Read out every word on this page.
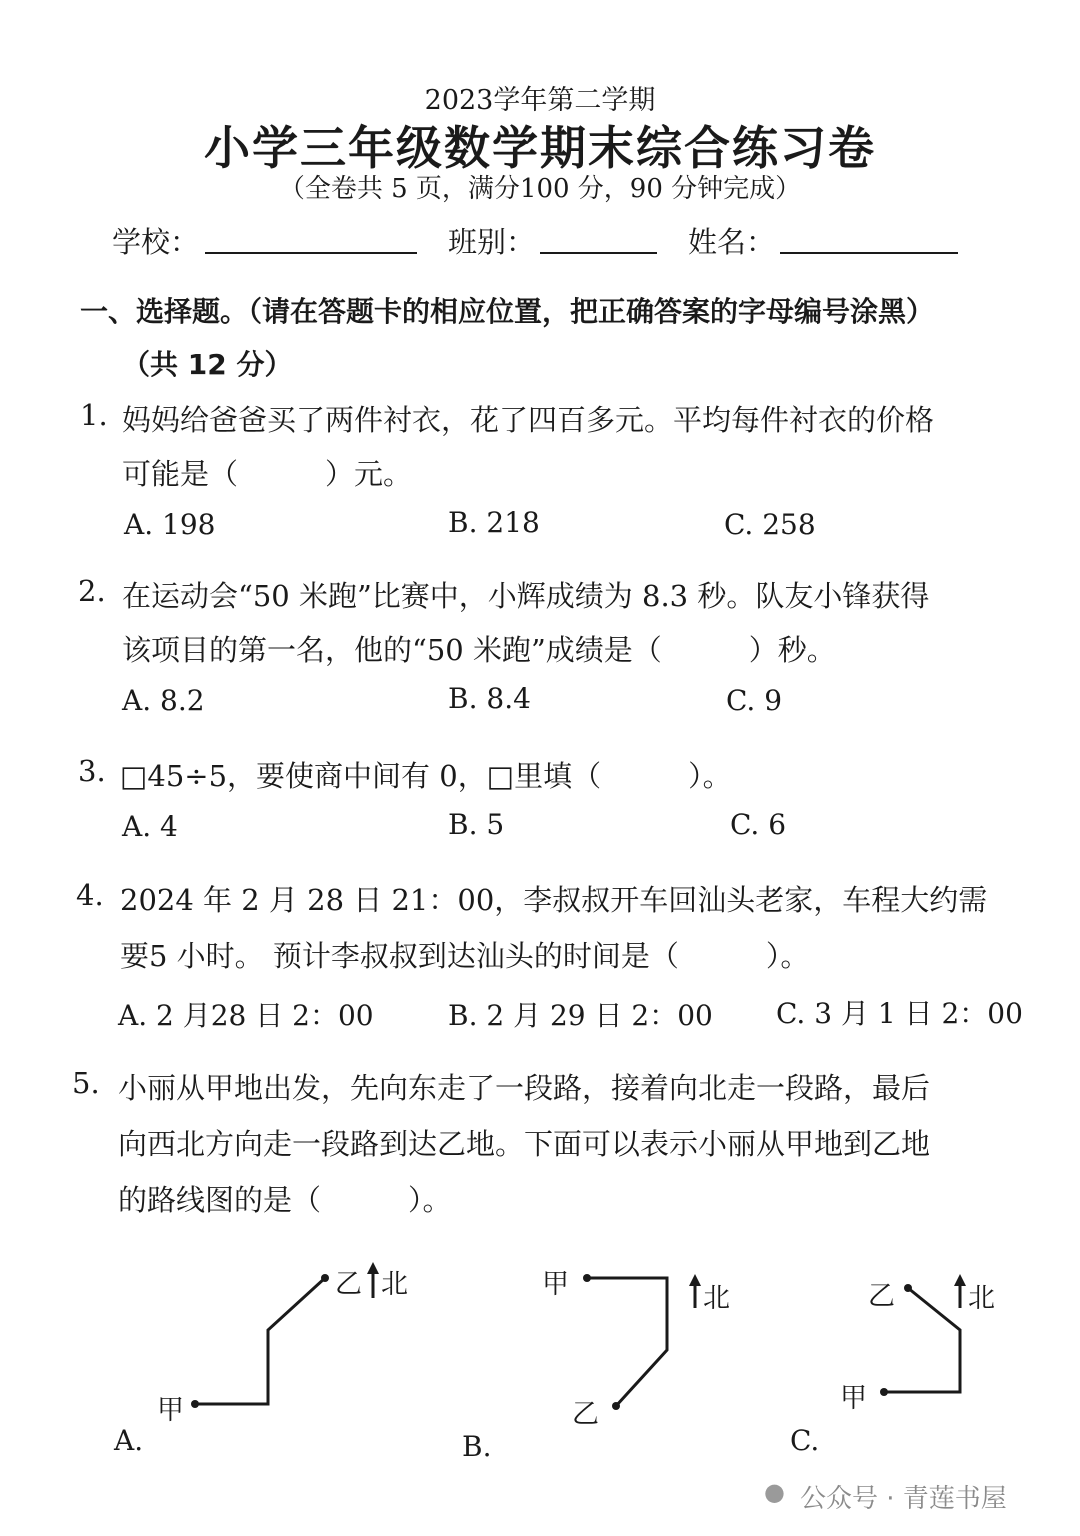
2023学年第二学期
小学三年级数学期末综合练习卷
（全卷共 5 页，满分100 分，90 分钟完成）
学校：	班别：	姓名：
一、选择题。（请在答题卡的相应位置，把正确答案的字母编号涂黑）
（共 12 分）
1. 妈妈给爸爸买了两件衬衣，花了四百多元。平均每件衬衣的价格
可能是（　　　）元。
A. 198	B. 218	C. 258
2. 在运动会“50 米跑”比赛中，小辉成绩为 8.3 秒。队友小锋获得
该项目的第一名，他的“50 米跑”成绩是（　　　）秒。
A. 8.2	B. 8.4	C. 9
3. □45÷5，要使商中间有 0，□里填（　　　）。
A. 4	B. 5	C. 6
4. 2024 年 2 月 28 日 21：00，李叔叔开车回汕头老家，车程大约需
要5 小时。 预计李叔叔到达汕头的时间是（　　　）。
A. 2 月28 日 2：00	B. 2 月 29 日 2：00 C. 3 月 1 日 2：00
5. 小丽从甲地出发，先向东走了一段路，接着向北走一段路，最后
向西北方向走一段路到达乙地。下面可以表示小丽从甲地到乙地
的路线图的是（　　　）。
甲
乙 北
A.
甲
乙
北
B.
甲
乙	北
C.
● 公众号 · 青莲书屋
